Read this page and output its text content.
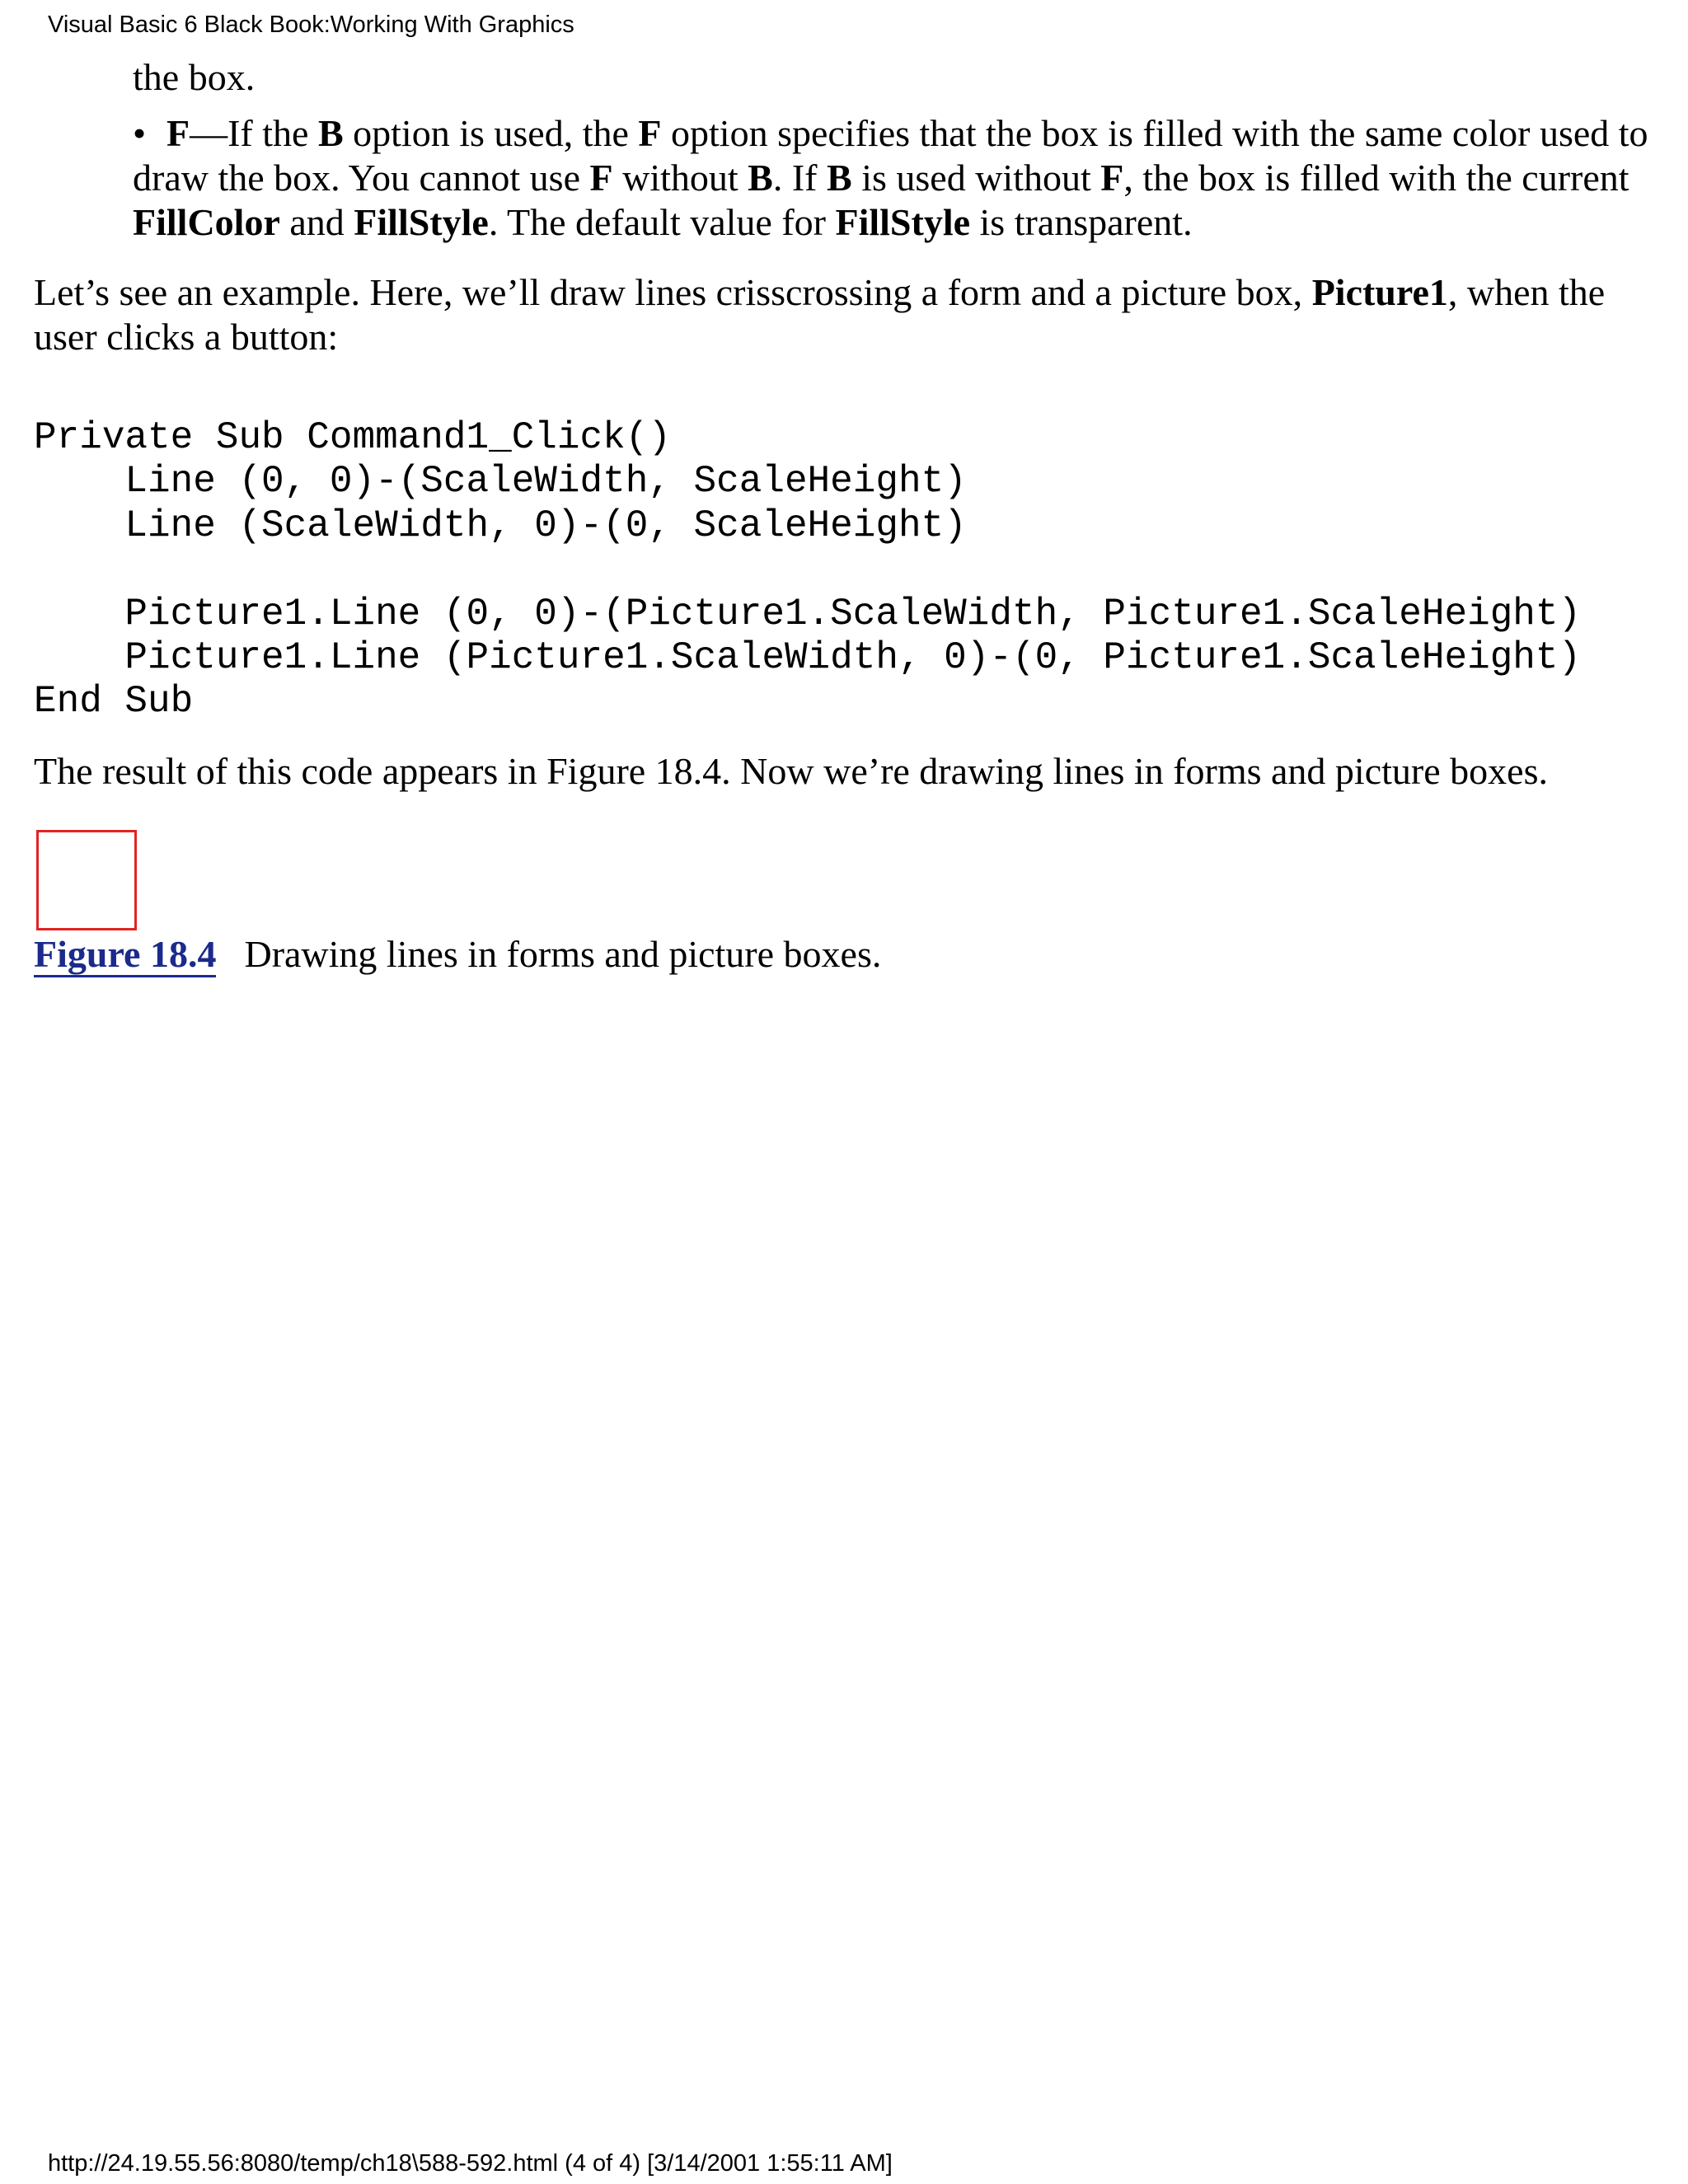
Visual Basic 6 Black Book:Working With Graphics
the box.
• F—If the B option is used, the F option specifies that the box is filled with the same color used to draw the box. You cannot use F without B. If B is used without F, the box is filled with the current FillColor and FillStyle. The default value for FillStyle is transparent.
Let’s see an example. Here, we’ll draw lines crisscrossing a form and a picture box, Picture1, when the user clicks a button:
Private Sub Command1_Click()
Line (0, 0)-(ScaleWidth, ScaleHeight)
Line (ScaleWidth, 0)-(0, ScaleHeight)
Picture1.Line (0, 0)-(Picture1.ScaleWidth, Picture1.ScaleHeight)
Picture1.Line (Picture1.ScaleWidth, 0)-(0, Picture1.ScaleHeight)
End Sub
The result of this code appears in Figure 18.4. Now we’re drawing lines in forms and picture boxes.
Figure 18.4 Drawing lines in forms and picture boxes.
http://24.19.55.56:8080/temp/ch18\588-592.html (4 of 4) [3/14/2001 1:55:11 AM]
